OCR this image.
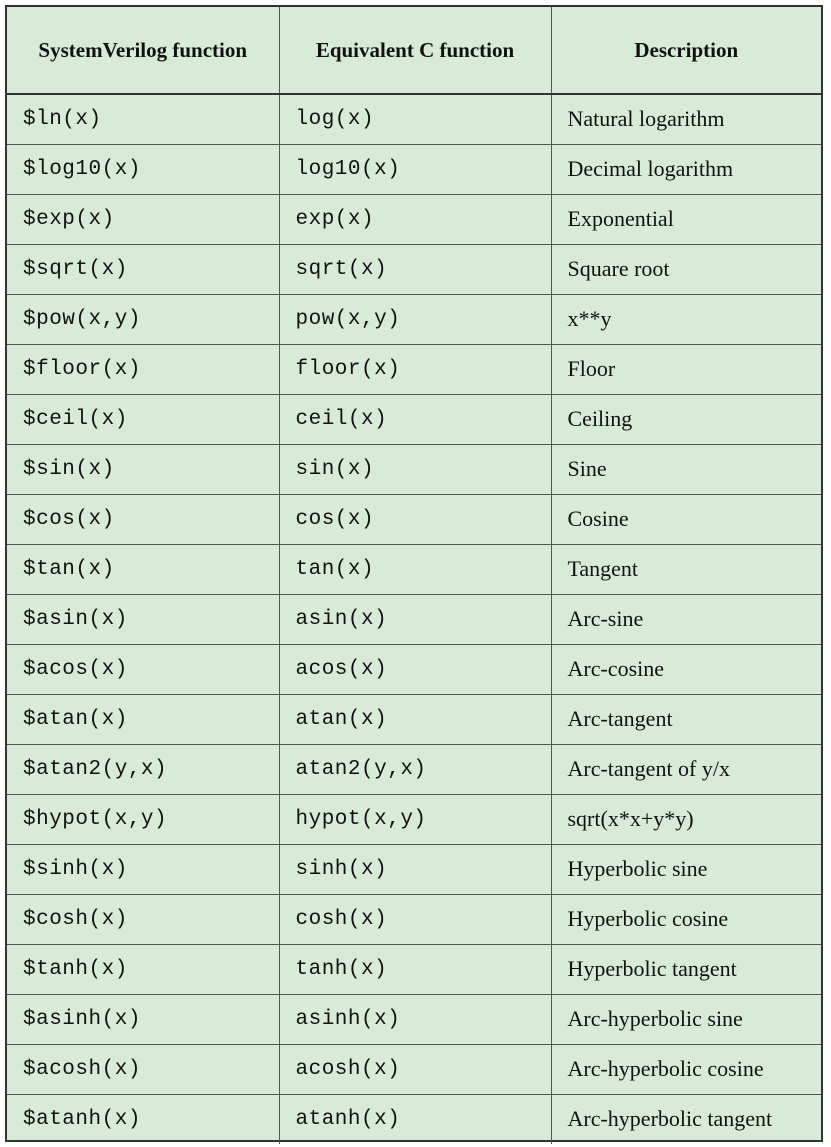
SystemVerilog function	Equivalent C function	Description
$ln(x)	log(x)	Natural logarithm
$log10(x)	log10(x)	Decimal logarithm
$exp(x)	exp(x)	Exponential
$sqrt(x)	sqrt(x)	Square root
$pow(x,y)	pow(x,y)	x**y
$floor(x)	floor(x)	Floor
$ceil(x)	ceil(x)	Ceiling
$sin(x)	sin(x)	Sine
$cos(x)	cos(x)	Cosine
$tan(x)	tan(x)	Tangent
$asin(x)	asin(x)	Arc-sine
$acos(x)	acos(x)	Arc-cosine
$atan(x)	atan(x)	Arc-tangent
$atan2(y,x)	atan2(y,x)	Arc-tangent of y/x
$hypot(x,y)	hypot(x,y)	sqrt(x*x+y*y)
$sinh(x)	sinh(x)	Hyperbolic sine
$cosh(x)	cosh(x)	Hyperbolic cosine
$tanh(x)	tanh(x)	Hyperbolic tangent
$asinh(x)	asinh(x)	Arc-hyperbolic sine
$acosh(x)	acosh(x)	Arc-hyperbolic cosine
$atanh(x)	atanh(x)	Arc-hyperbolic tangent
